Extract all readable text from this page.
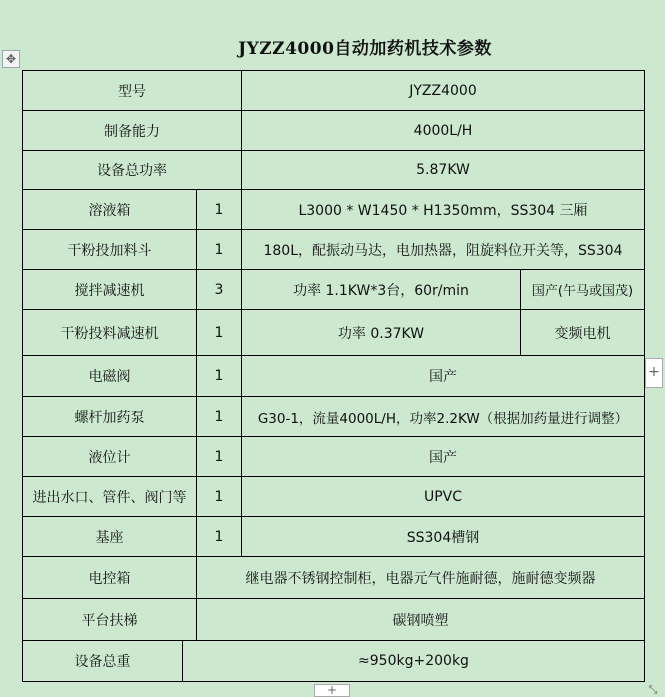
JYZZ4000自动加药机技术参数
✥
型号	JYZZ4000
制备能力	4000L/H
设备总功率	5.87KW
溶液箱	1	L3000 * W1450 * H1350mm，SS304 三厢
干粉投加料斗	1	180L，配振动马达，电加热器，阻旋料位开关等，SS304
搅拌减速机	3	功率 1.1KW*3台，60r/min	国产(午马或国茂)
干粉投料减速机	1	功率 0.37KW	变频电机
电磁阀	1	国产
螺杆加药泵	1	G30-1，流量4000L/H，功率2.2KW（根据加药量进行调整）
液位计	1	国产
进出水口、管件、阀门等	1	UPVC
基座	1	SS304槽钢
电控箱	继电器不锈钢控制柜，电器元气件施耐德，施耐德变频器
平台扶梯	碳钢喷塑
设备总重	≈950kg+200kg
+
+	⤡
